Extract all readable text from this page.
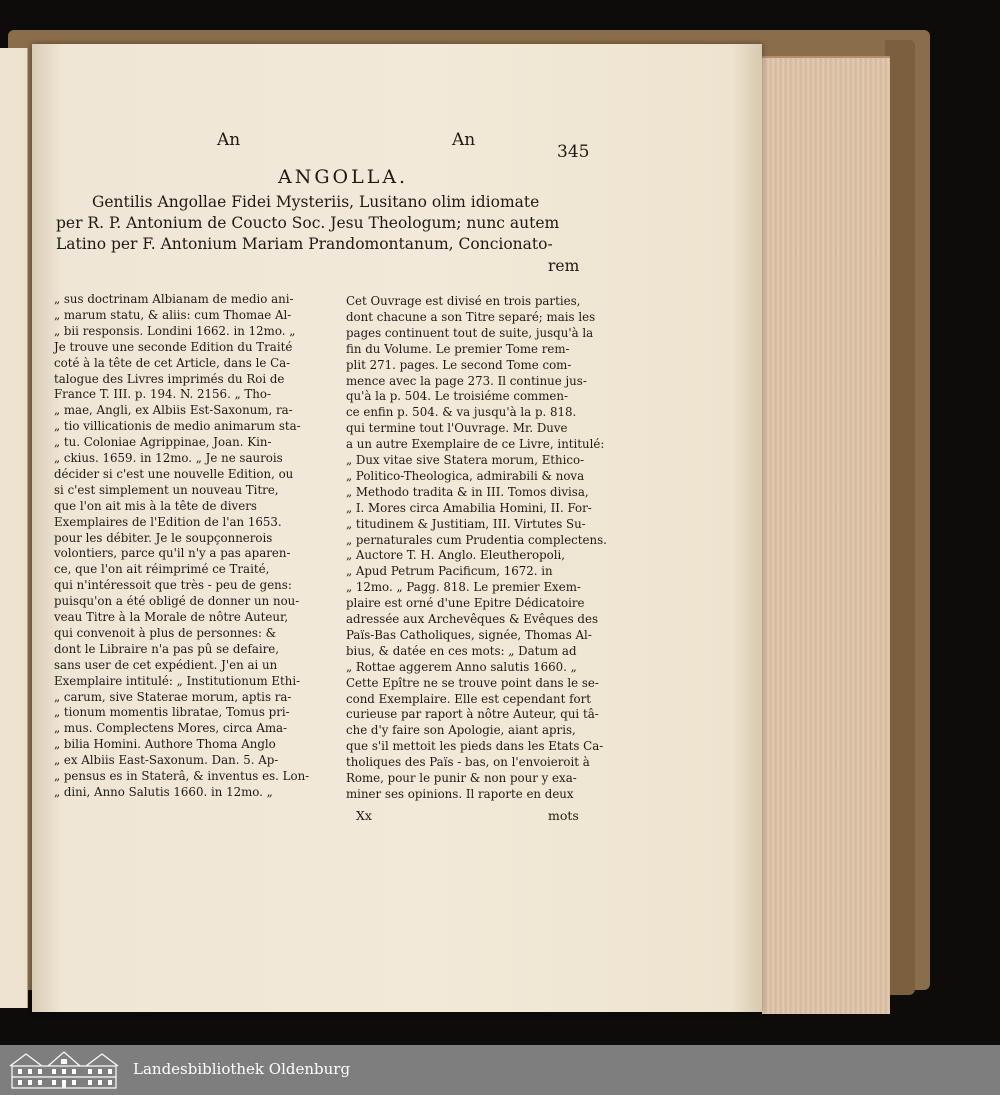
An	An
345
ANGOLLA.
Gentilis Angollae Fidei Mysteriis, Lusitano olim idiomate
per R. P. Antonium de Coucto Soc. Jesu Theologum; nunc autem
Latino per F. Antonium Mariam Prandomontanum, Concionato-
rem
„ sus doctrinam Albianam de medio ani-
„ marum statu, & aliis: cum Thomae Al-
„ bii responsis. Londini 1662. in 12mo. „
Je trouve une seconde Edition du Traité
coté à la tête de cet Article, dans le Ca-
talogue des Livres imprimés du Roi de
France T. III. p. 194. N. 2156. „ Tho-
„ mae, Angli, ex Albiis Est-Saxonum, ra-
„ tio villicationis de medio animarum sta-
„ tu. Coloniae Agrippinae, Joan. Kin-
„ ckius. 1659. in 12mo. „ Je ne saurois
décider si c'est une nouvelle Edition, ou
si c'est simplement un nouveau Titre,
que l'on ait mis à la tête de divers
Exemplaires de l'Edition de l'an 1653.
pour les débiter. Je le soupçonnerois
volontiers, parce qu'il n'y a pas aparen-
ce, que l'on ait réimprimé ce Traité,
qui n'intéressoit que très - peu de gens:
puisqu'on a été obligé de donner un nou-
veau Titre à la Morale de nôtre Auteur,
qui convenoit à plus de personnes: &
dont le Libraire n'a pas pû se defaire,
sans user de cet expédient. J'en ai un
Exemplaire intitulé: „ Institutionum Ethi-
„ carum, sive Staterae morum, aptis ra-
„ tionum momentis libratae, Tomus pri-
„ mus. Complectens Mores, circa Ama-
„ bilia Homini. Authore Thoma Anglo
„ ex Albiis East-Saxonum. Dan. 5. Ap-
„ pensus es in Staterâ, & inventus es. Lon-
„ dini, Anno Salutis 1660. in 12mo. „
Cet Ouvrage est divisé en trois parties,
dont chacune a son Titre separé; mais les
pages continuent tout de suite, jusqu'à la
fin du Volume. Le premier Tome rem-
plit 271. pages. Le second Tome com-
mence avec la page 273. Il continue jus-
qu'à la p. 504. Le troisiéme commen-
ce enfin p. 504. & va jusqu'à la p. 818.
qui termine tout l'Ouvrage. Mr. Duve
a un autre Exemplaire de ce Livre, intitulé:
„ Dux vitae sive Statera morum, Ethico-
„ Politico-Theologica, admirabili & nova
„ Methodo tradita & in III. Tomos divisa,
„ I. Mores circa Amabilia Homini, II. For-
„ titudinem & Justitiam, III. Virtutes Su-
„ pernaturales cum Prudentia complectens.
„ Auctore T. H. Anglo. Eleutheropoli,
„ Apud Petrum Pacificum, 1672. in
„ 12mo. „ Pagg. 818. Le premier Exem-
plaire est orné d'une Epitre Dédicatoire
adressée aux Archevêques & Evêques des
Païs-Bas Catholiques, signée, Thomas Al-
bius, & datée en ces mots: „ Datum ad
„ Rottae aggerem Anno salutis 1660. „
Cette Epître ne se trouve point dans le se-
cond Exemplaire. Elle est cependant fort
curieuse par raport à nôtre Auteur, qui tâ-
che d'y faire son Apologie, aiant apris,
que s'il mettoit les pieds dans les Etats Ca-
tholiques des Païs - bas, on l'envoieroit à
Rome, pour le punir & non pour y exa-
miner ses opinions. Il raporte en deux
Xx	mots
Landesbibliothek Oldenburg
